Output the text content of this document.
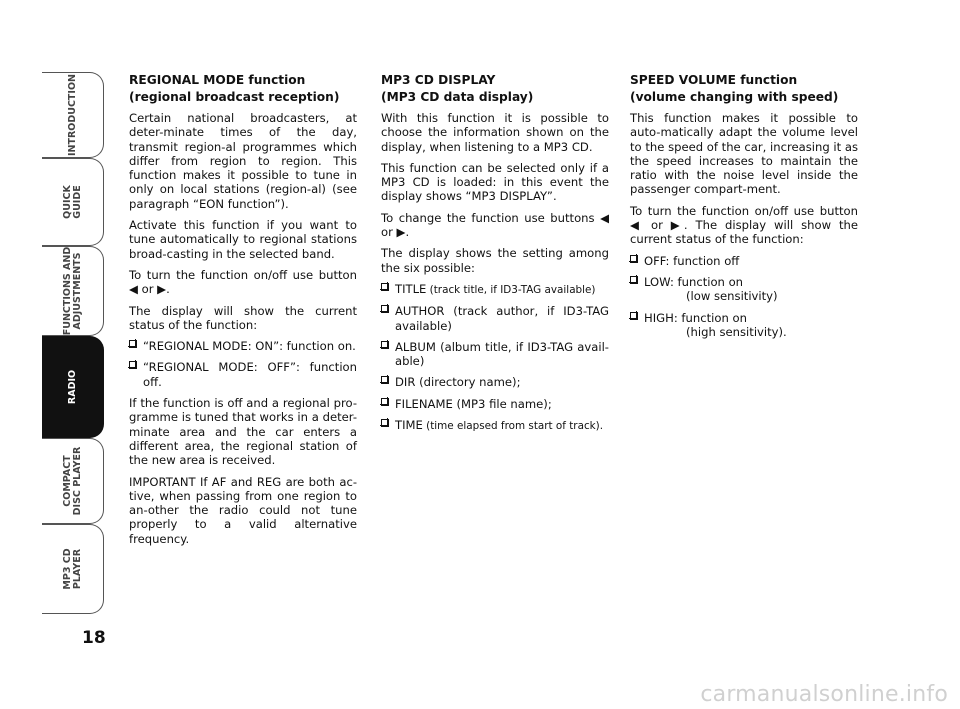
INTRODUCTION
QUICK GUIDE
FUNCTIONS AND ADJUSTMENTS
RADIO
COMPACT DISC PLAYER
MP3 CD PLAYER
18
REGIONAL MODE function
(regional broadcast reception)

Certain national broadcasters, at deter-minate times of the day, transmit region-al programmes which differ from region to region. This function makes it possible to tune in only on local stations (region-al) (see paragraph “EON function”).

Activate this function if you want to tune automatically to regional stations broad-casting in the selected band.

To turn the function on/off use button ◀ or ▶.

The display will show the current status of the function:

“REGIONAL MODE: ON”: function on.
“REGIONAL MODE: OFF”: function off.

If the function is off and a regional pro-gramme is tuned that works in a deter-minate area and the car enters a different area, the regional station of the new area is received.

IMPORTANT If AF and REG are both ac-tive, when passing from one region to an-other the radio could not tune properly to a valid alternative frequency.

MP3 CD DISPLAY
(MP3 CD data display)

With this function it is possible to choose the information shown on the display, when listening to a MP3 CD.

This function can be selected only if a MP3 CD is loaded: in this event the display shows “MP3 DISPLAY”.

To change the function use buttons ◀ or ▶.

The display shows the setting among the six possible:

TITLE (track title, if ID3-TAG available)
AUTHOR (track author, if ID3-TAG available)
ALBUM (album title, if ID3-TAG avail-able)
DIR (directory name);
FILENAME (MP3 file name);
TIME (time elapsed from start of track).
SPEED VOLUME function
(volume changing with speed)

This function makes it possible to auto-matically adapt the volume level to the speed of the car, increasing it as the speed increases to maintain the ratio with the noise level inside the passenger compart-ment.

To turn the function on/off use button ◀ or ▶. The display will show the current status of the function:

OFF: function off
LOW: function on
(low sensitivity)
HIGH: function on
(high sensitivity).
carmanualsonline.info
